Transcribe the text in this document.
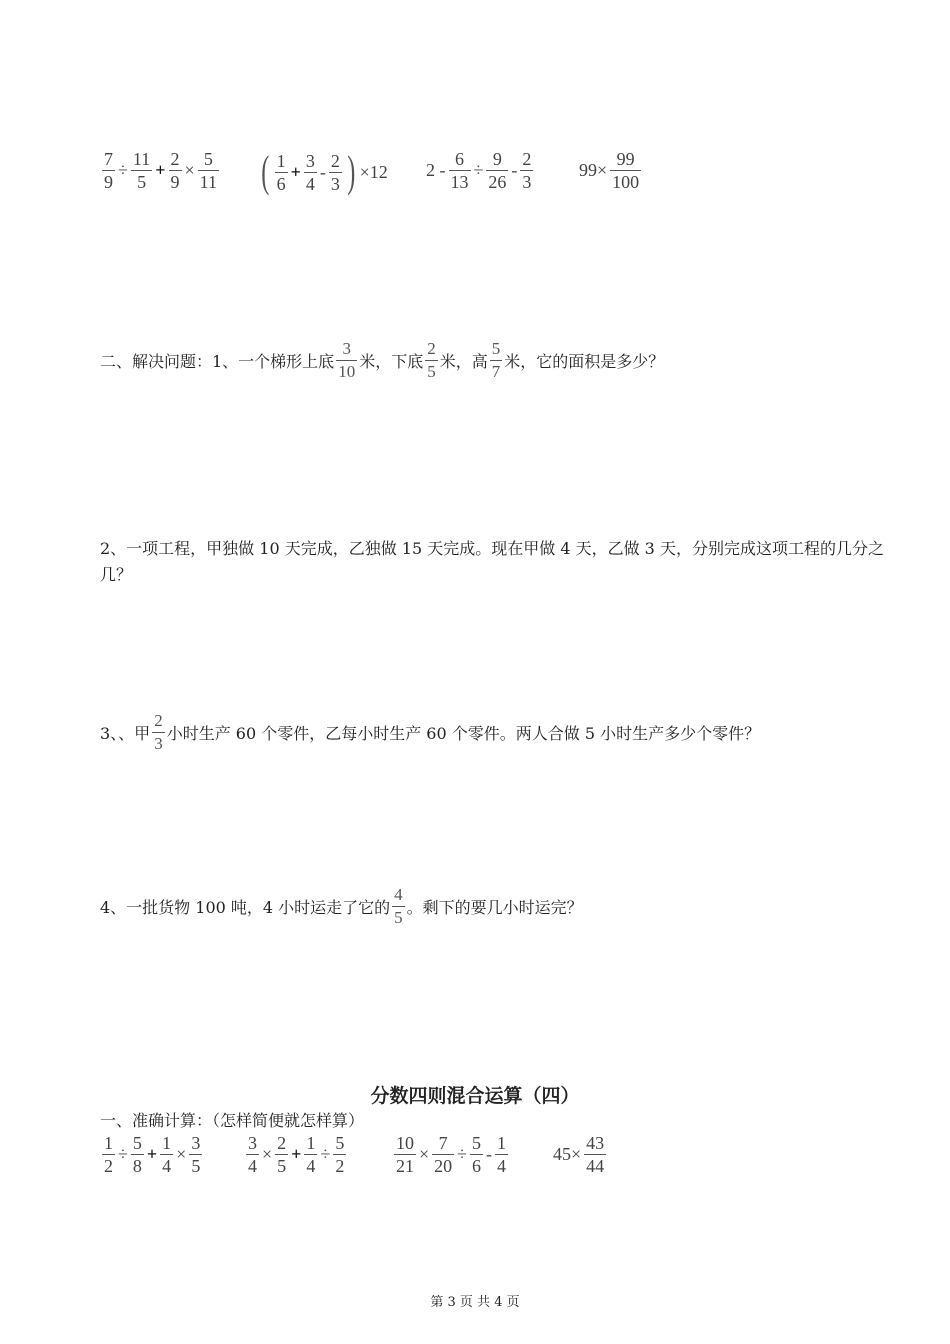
$\frac{7}{9} \div \frac{11}{5} + \frac{2}{9} \times \frac{5}{11}$ ( $\frac{1}{6} + \frac{3}{4} - \frac{2}{3}$ ) ×12 $2 - \frac{6}{13} \div \frac{9}{26} - \frac{2}{3}$	$99\times \frac{99}{100}$
二、解决问题：1、一个梯形上底 $\frac{3}{10}$ 米，下底 $\frac{2}{5}$ 米，高 $\frac{5}{7}$ 米，它的面积是多少？
2、一项工程，甲独做 10 天完成，乙独做 15 天完成。现在甲做 4 天，乙做 3 天，分别完成这项工程的几分之
几？
3、、甲 $\frac{2}{3}$ 小时生产 60 个零件，乙每小时生产 60 个零件。两人合做 5 小时生产多少个零件？
4、一批货物 100 吨，4 小时运走了它的 $\frac{4}{5}$ 。剩下的要几小时运完？
分数四则混合运算（四）
一、准确计算：（怎样简便就怎样算）
$\frac{1}{2} \div \frac{5}{8} + \frac{1}{4} \times \frac{3}{5} \frac{3}{4} \times \frac{2}{5} + \frac{1}{4} \div \frac{5}{2}$	$\frac{10}{21} \times \frac{7}{20} \div \frac{5}{6} - \frac{1}{4} 45\times \frac{43}{44}$
第 3 页 共 4 页
